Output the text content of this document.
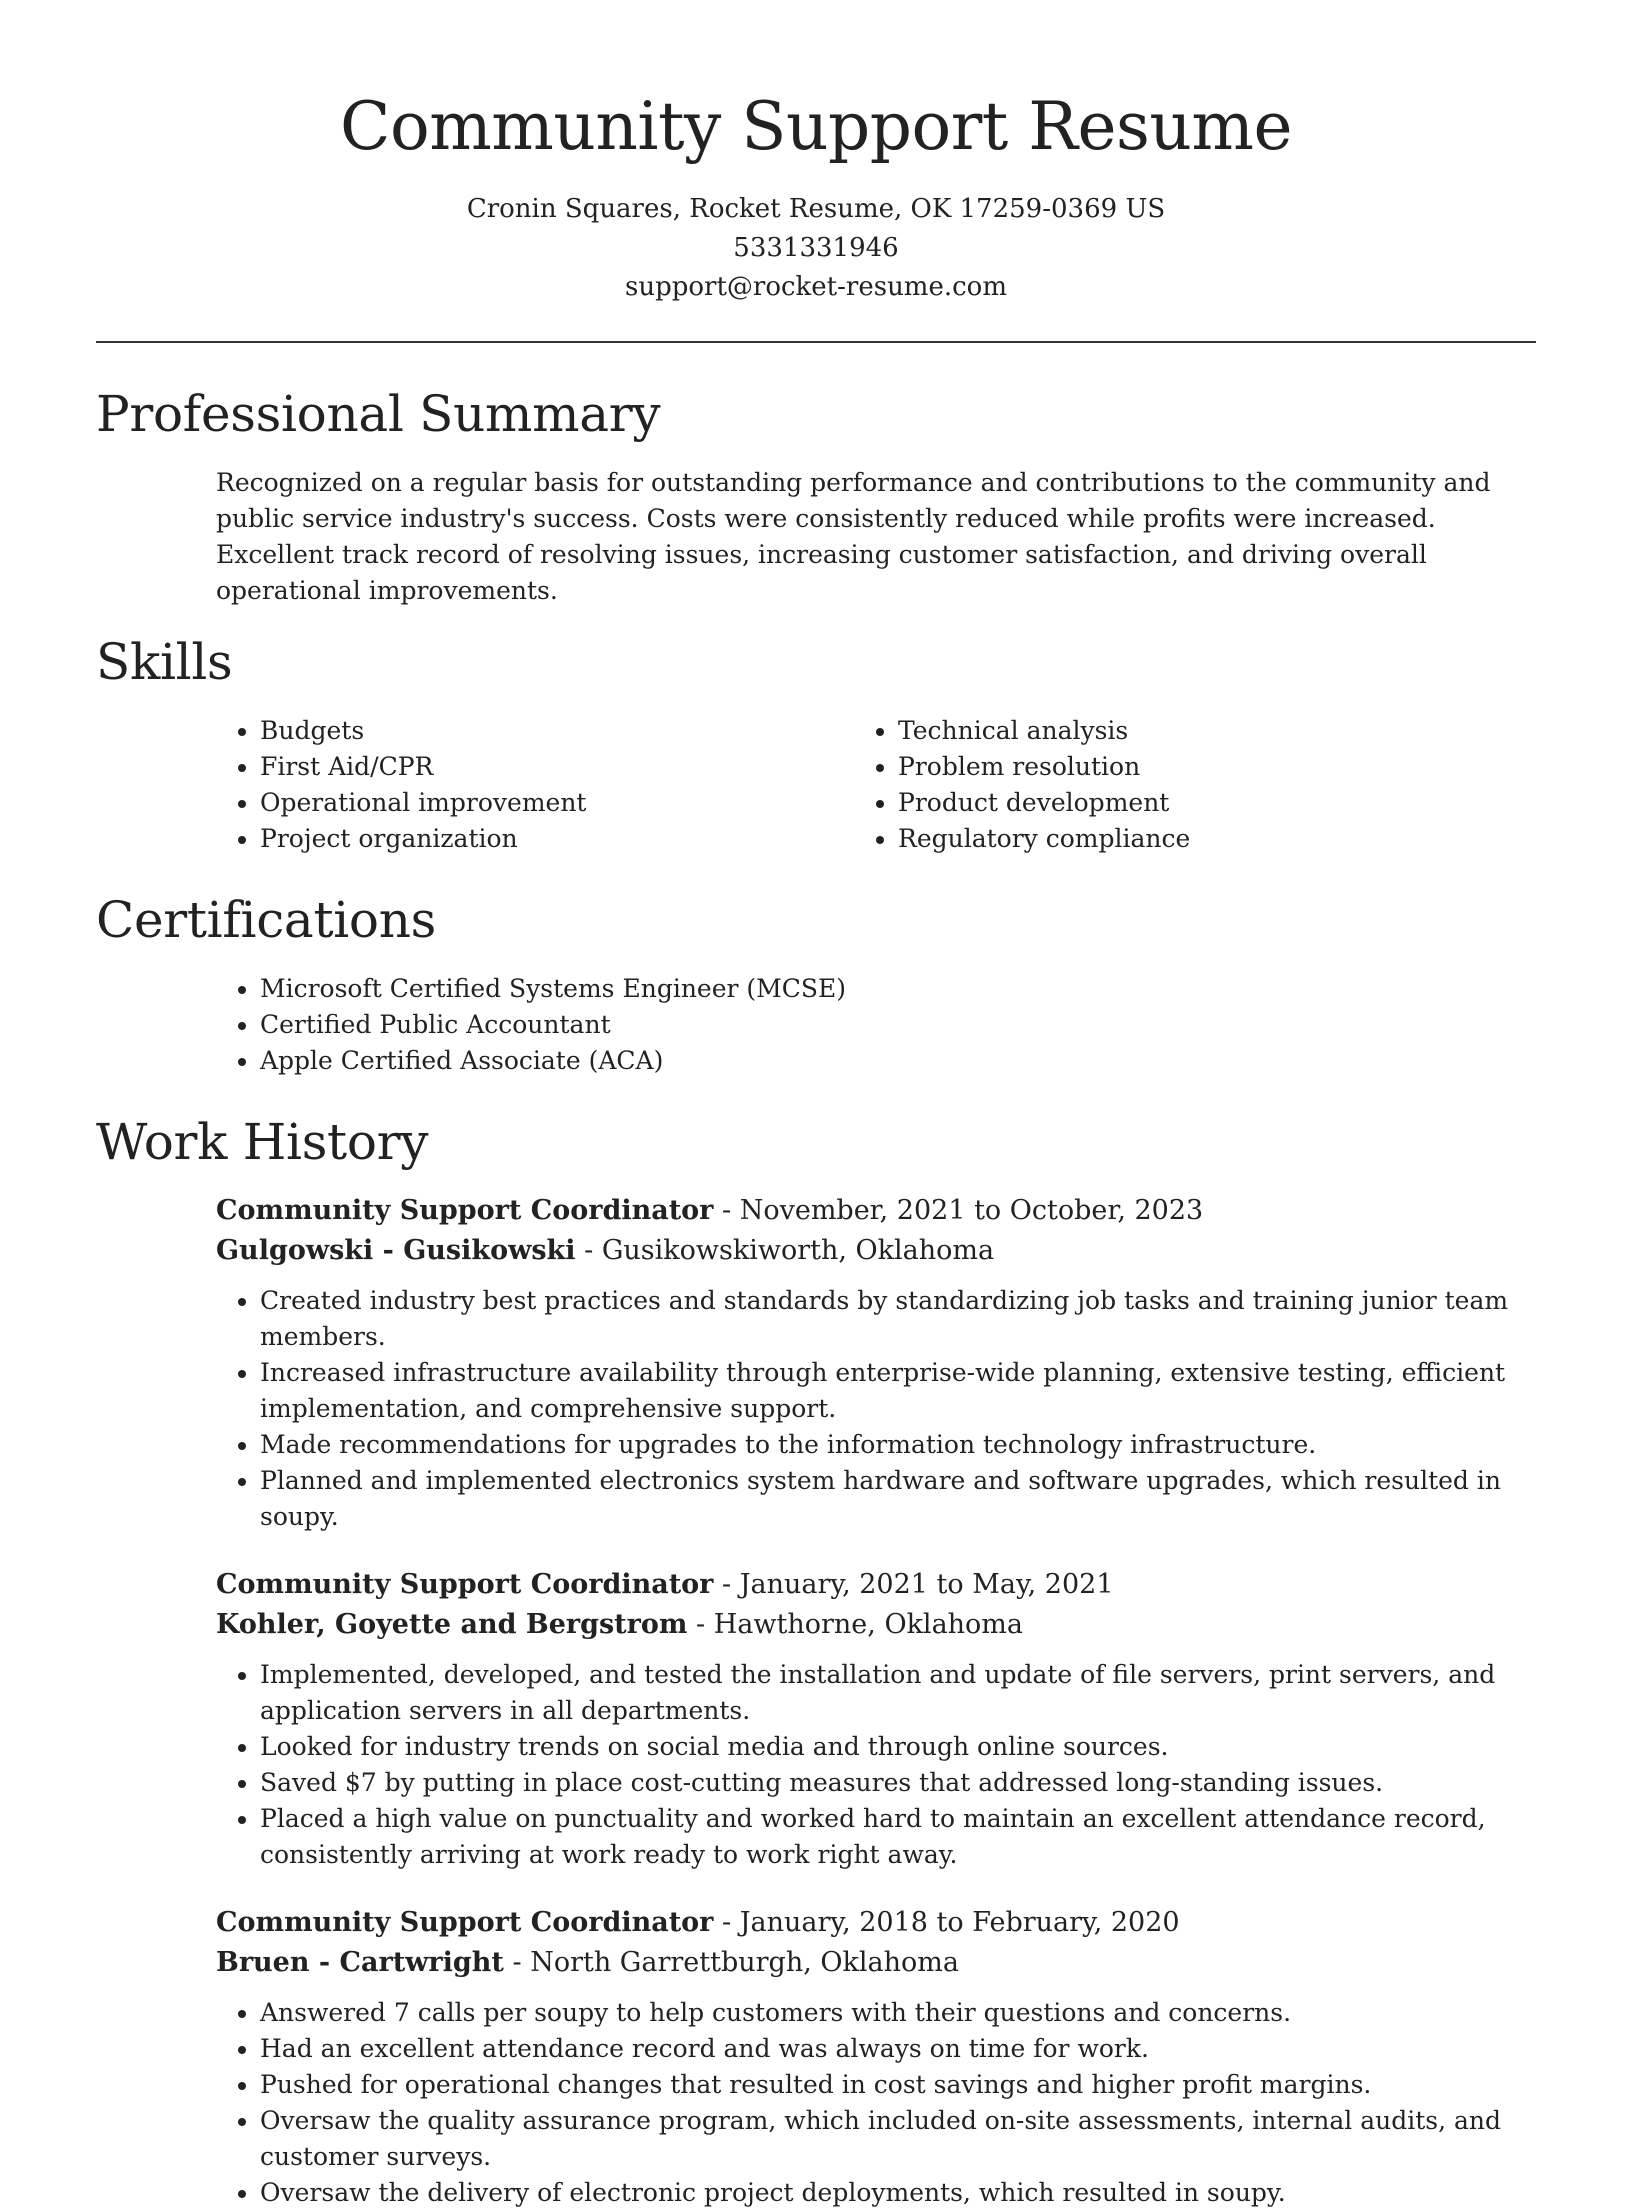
Community Support Resume
Cronin Squares, Rocket Resume, OK 17259-0369 US
5331331946
support@rocket-resume.com
Professional Summary

Recognized on a regular basis for outstanding performance and contributions to the community and public service industry's success. Costs were consistently reduced while profits were increased. Excellent track record of resolving issues, increasing customer satisfaction, and driving overall operational improvements.

Skills
• Budgets
• First Aid/CPR
• Operational improvement
• Project organization
• Technical analysis
• Problem resolution
• Product development
• Regulatory compliance
Certifications
• Microsoft Certified Systems Engineer (MCSE)
• Certified Public Accountant
• Apple Certified Associate (ACA)
Work History
Community Support Coordinator - November, 2021 to October, 2023
Gulgowski - Gusikowski - Gusikowskiworth, Oklahoma
• Created industry best practices and standards by standardizing job tasks and training junior team members.
• Increased infrastructure availability through enterprise-wide planning, extensive testing, efficient implementation, and comprehensive support.
• Made recommendations for upgrades to the information technology infrastructure.
• Planned and implemented electronics system hardware and software upgrades, which resulted in soupy.
Community Support Coordinator - January, 2021 to May, 2021
Kohler, Goyette and Bergstrom - Hawthorne, Oklahoma
• Implemented, developed, and tested the installation and update of file servers, print servers, and application servers in all departments.
• Looked for industry trends on social media and through online sources.
• Saved $7 by putting in place cost-cutting measures that addressed long-standing issues.
• Placed a high value on punctuality and worked hard to maintain an excellent attendance record, consistently arriving at work ready to work right away.
Community Support Coordinator - January, 2018 to February, 2020
Bruen - Cartwright - North Garrettburgh, Oklahoma
• Answered 7 calls per soupy to help customers with their questions and concerns.
• Had an excellent attendance record and was always on time for work.
• Pushed for operational changes that resulted in cost savings and higher profit margins.
• Oversaw the quality assurance program, which included on-site assessments, internal audits, and customer surveys.
• Oversaw the delivery of electronic project deployments, which resulted in soupy.
